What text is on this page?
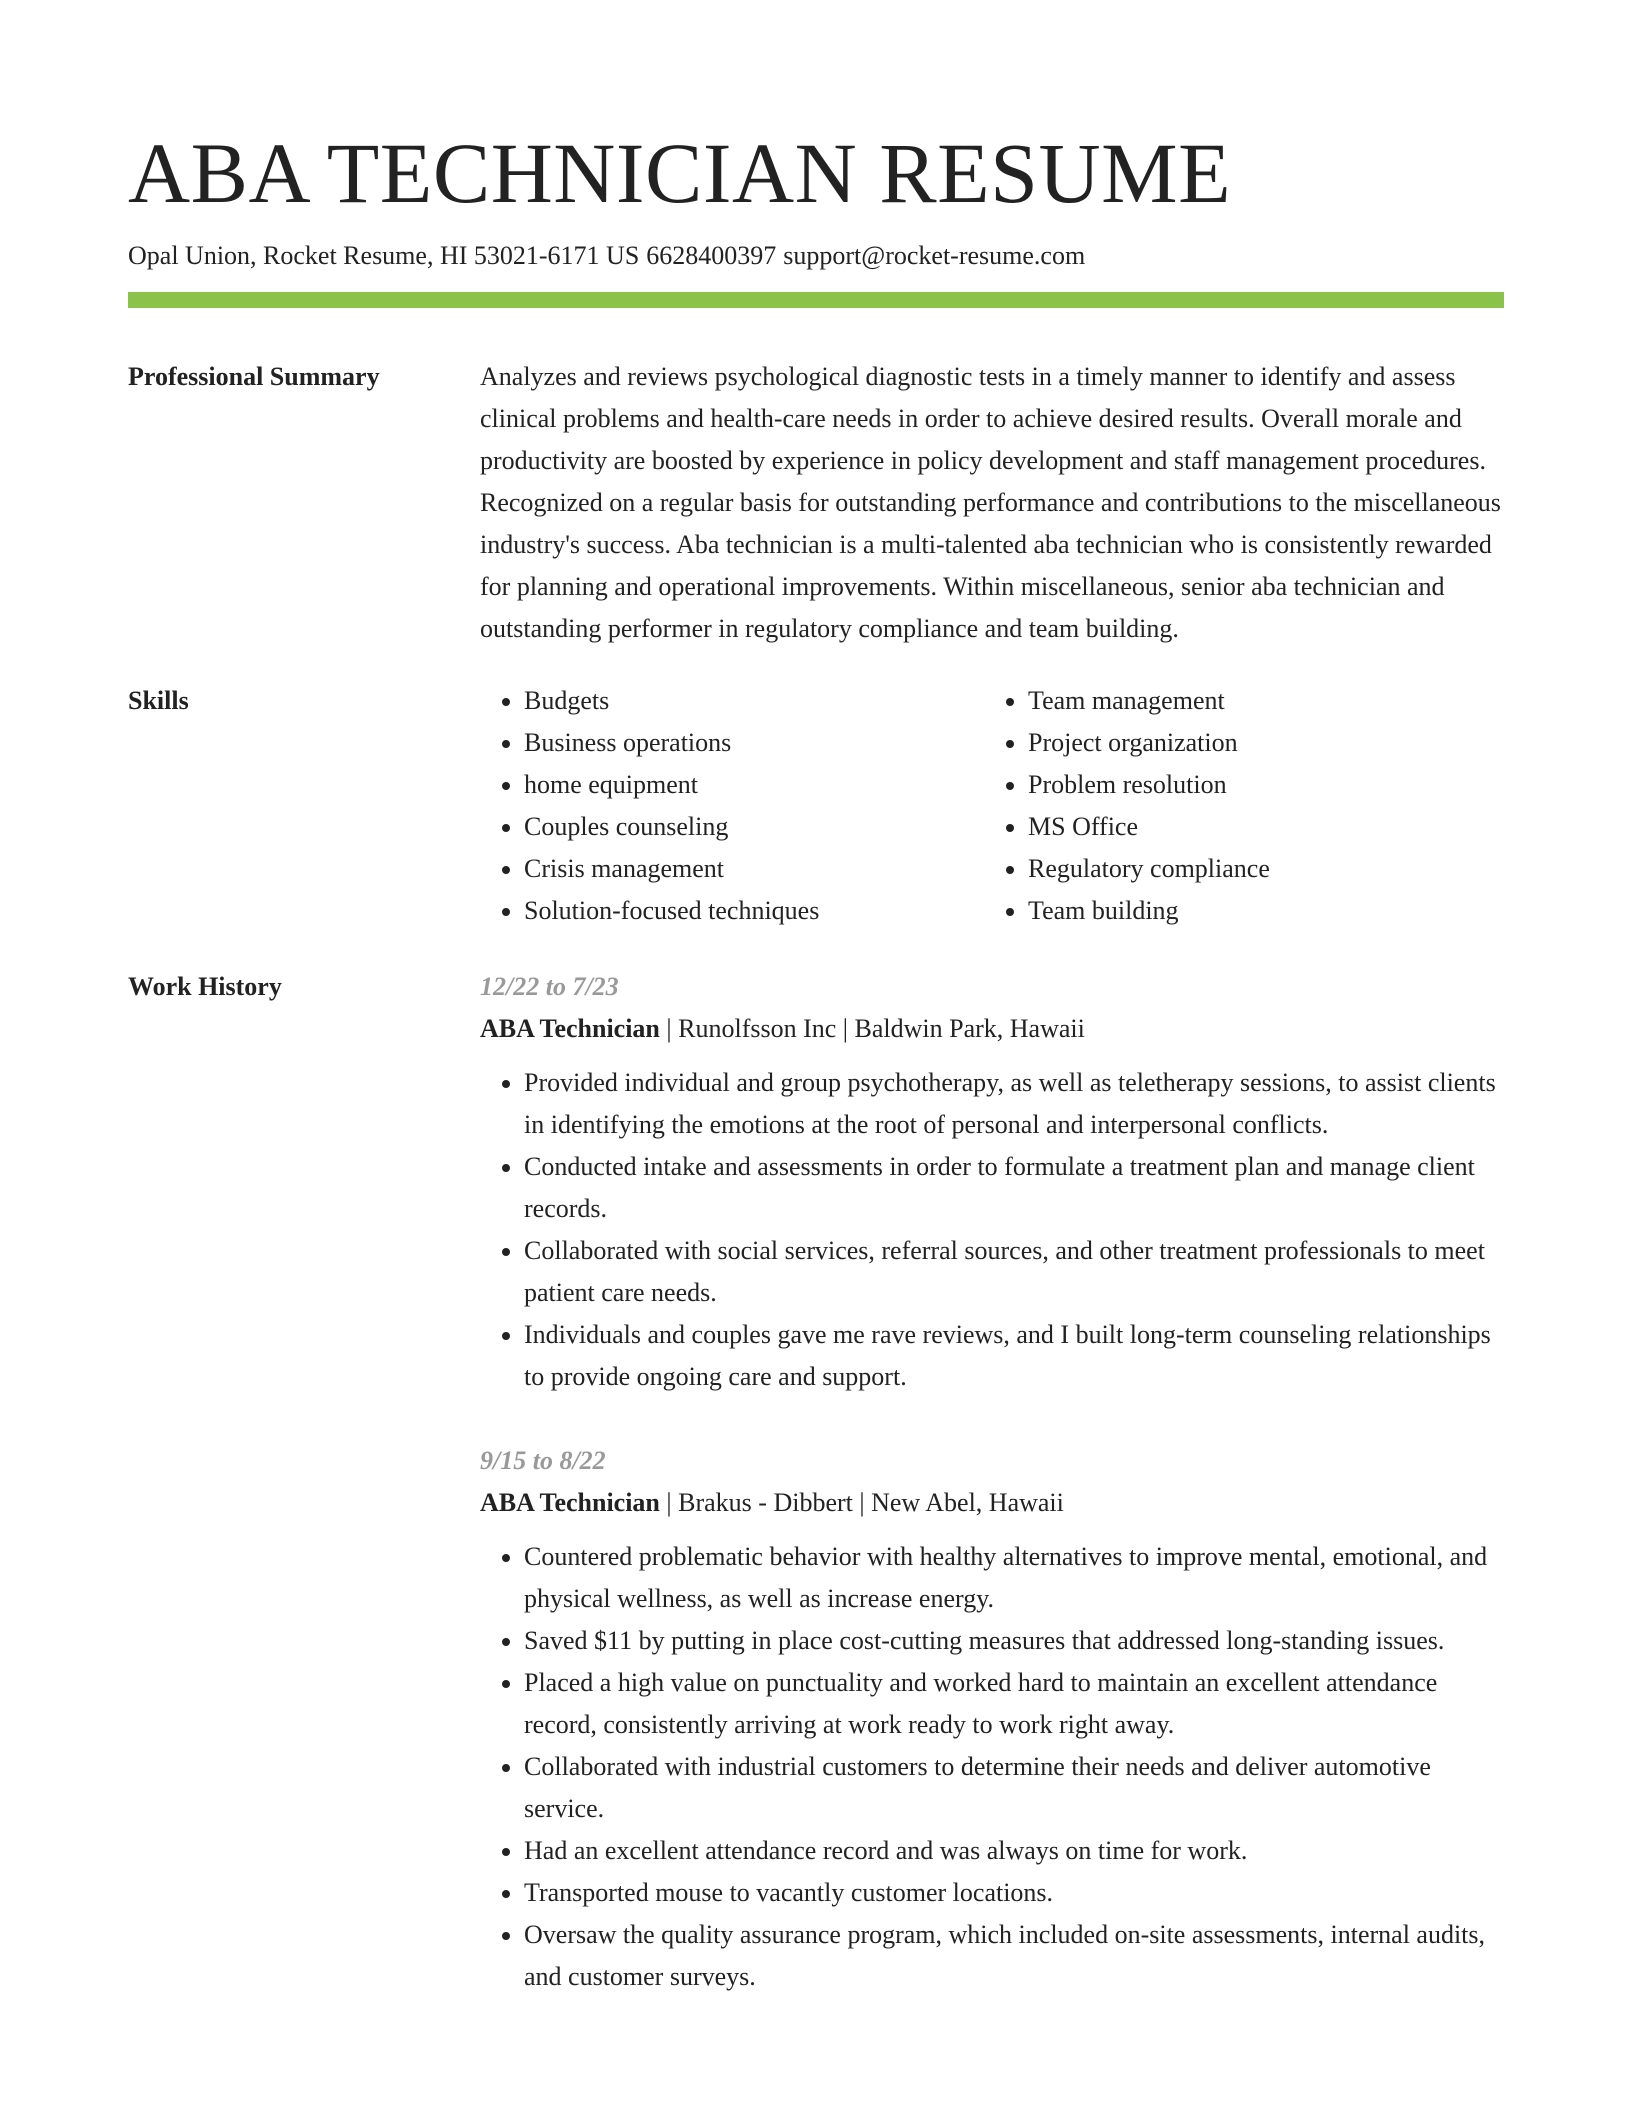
ABA TECHNICIAN RESUME
Opal Union, Rocket Resume, HI 53021-6171 US 6628400397 support@rocket-resume.com
Professional Summary	Analyzes and reviews psychological diagnostic tests in a timely manner to identify and assess clinical problems and health-care needs in order to achieve desired results. Overall morale and productivity are boosted by experience in policy development and staff management procedures. Recognized on a regular basis for outstanding performance and contributions to the miscellaneous industry's success. Aba technician is a multi-talented aba technician who is consistently rewarded for planning and operational improvements. Within miscellaneous, senior aba technician and outstanding performer in regulatory compliance and team building.

Skills
•	Budgets
• Business operations
• home equipment
• Couples counseling
• Crisis management
• Solution-focused techniques
• Team management
• Project organization
• Problem resolution
• MS Office
• Regulatory compliance
• Team building
Work History	12/22 to 7/23
ABA Technician | Runolfsson Inc | Baldwin Park, Hawaii
• Provided individual and group psychotherapy, as well as teletherapy sessions, to assist clients in identifying the emotions at the root of personal and interpersonal conflicts.
• Conducted intake and assessments in order to formulate a treatment plan and manage client records.
• Collaborated with social services, referral sources, and other treatment professionals to meet patient care needs.
• Individuals and couples gave me rave reviews, and I built long-term counseling relationships to provide ongoing care and support.
9/15 to 8/22
ABA Technician | Brakus - Dibbert | New Abel, Hawaii
• Countered problematic behavior with healthy alternatives to improve mental, emotional, and physical wellness, as well as increase energy.
• Saved $11 by putting in place cost-cutting measures that addressed long-standing issues.
• Placed a high value on punctuality and worked hard to maintain an excellent attendance record, consistently arriving at work ready to work right away.
• Collaborated with industrial customers to determine their needs and deliver automotive service.
• Had an excellent attendance record and was always on time for work.
• Transported mouse to vacantly customer locations.
• Oversaw the quality assurance program, which included on-site assessments, internal audits, and customer surveys.
